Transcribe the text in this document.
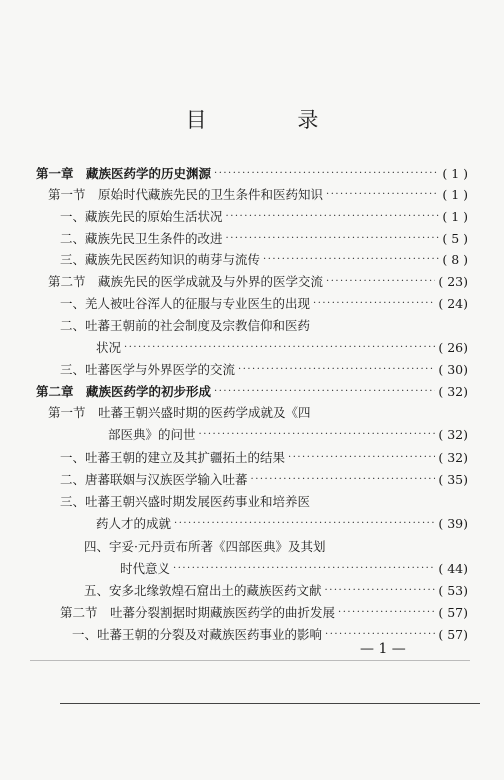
目 录
第一章　藏族医药学的历史渊源 ·····	( 1 )
第一节　原始时代藏族先民的卫生条件和医药知识 ·····	( 1 )
一、藏族先民的原始生活状况 ·····	( 1 )
二、藏族先民卫生条件的改进 ·····	( 5 )
三、藏族先民医药知识的萌芽与流传 ·····	( 8 )
第二节　藏族先民的医学成就及与外界的医学交流 ·····	( 23)
一、羌人被吐谷浑人的征服与专业医生的出现 ·····	( 24)
二、吐蕃王朝前的社会制度及宗教信仰和医药
状况 ·····	( 26)
三、吐蕃医学与外界医学的交流 ·····	( 30)
第二章　藏族医药学的初步形成 ·····	( 32)
第一节　吐蕃王朝兴盛时期的医药学成就及《四
部医典》的问世 ·····	( 32)
一、吐蕃王朝的建立及其扩疆拓土的结果 ·····	( 32)
二、唐蕃联姻与汉族医学输入吐蕃 ·····	( 35)
三、吐蕃王朝兴盛时期发展医药事业和培养医
药人才的成就 ·····	( 39)
四、宇妥·元丹贡布所著《四部医典》及其划
时代意义 ·····	( 44)
五、安多北缘敦煌石窟出土的藏族医药文献 ·····	( 53)
第二节　吐蕃分裂割据时期藏族医药学的曲折发展 ·····	( 57)
一、吐蕃王朝的分裂及对藏族医药事业的影响 ·····	( 57)
— 1 —
